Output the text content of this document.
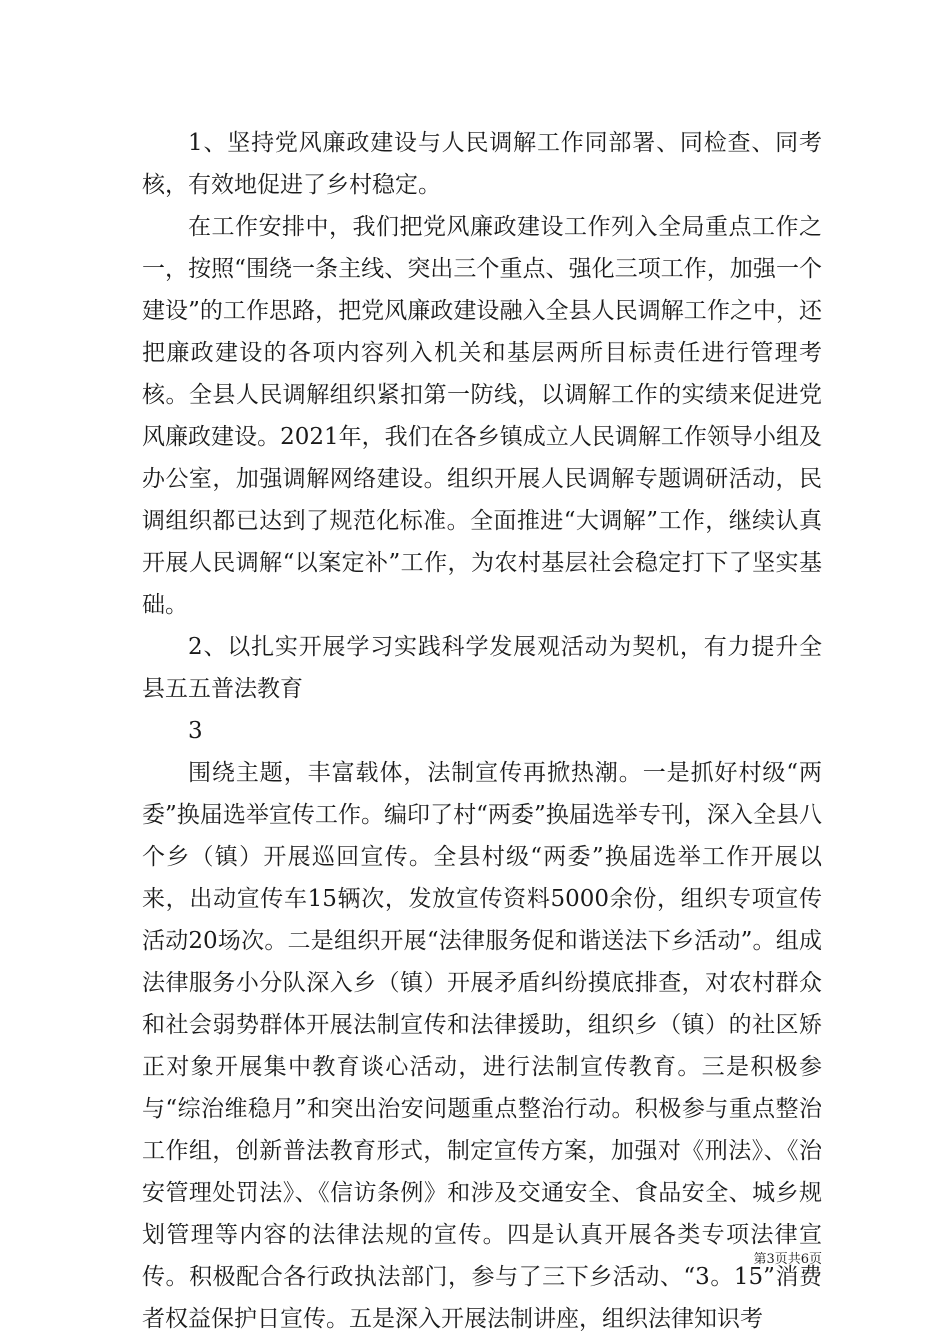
1、坚持党风廉政建设与人民调解工作同部署、同检查、同考核，有效地促进了乡村稳定。

在工作安排中，我们把党风廉政建设工作列入全局重点工作之一，按照“围绕一条主线、突出三个重点、强化三项工作，加强一个建设”的工作思路，把党风廉政建设融入全县人民调解工作之中，还把廉政建设的各项内容列入机关和基层两所目标责任进行管理考核。全县人民调解组织紧扣第一防线，以调解工作的实绩来促进党风廉政建设。2021年，我们在各乡镇成立人民调解工作领导小组及办公室，加强调解网络建设。组织开展人民调解专题调研活动，民调组织都已达到了规范化标准。全面推进“大调解”工作，继续认真开展人民调解“以案定补”工作，为农村基层社会稳定打下了坚实基础。

2、以扎实开展学习实践科学发展观活动为契机，有力提升全县五五普法教育

3

围绕主题，丰富载体，法制宣传再掀热潮。一是抓好村级“两委”换届选举宣传工作。编印了村“两委”换届选举专刊，深入全县八个乡（镇）开展巡回宣传。全县村级“两委”换届选举工作开展以来，出动宣传车15辆次，发放宣传资料5000余份，组织专项宣传活动20场次。二是组织开展“法律服务促和谐送法下乡活动”。组成法律服务小分队深入乡（镇）开展矛盾纠纷摸底排查，对农村群众和社会弱势群体开展法制宣传和法律援助，组织乡（镇）的社区矫正对象开展集中教育谈心活动，进行法制宣传教育。三是积极参与“综治维稳月”和突出治安问题重点整治行动。积极参与重点整治工作组，创新普法教育形式，制定宣传方案，加强对《刑法》、《治安管理处罚法》、《信访条例》和涉及交通安全、食品安全、城乡规划管理等内容的法律法规的宣传。四是认真开展各类专项法律宣传。积极配合各行政执法部门，参与了三下乡活动、“3。15”消费者权益保护日宣传。五是深入开展法制讲座，组织法律知识考

第3页共6页
